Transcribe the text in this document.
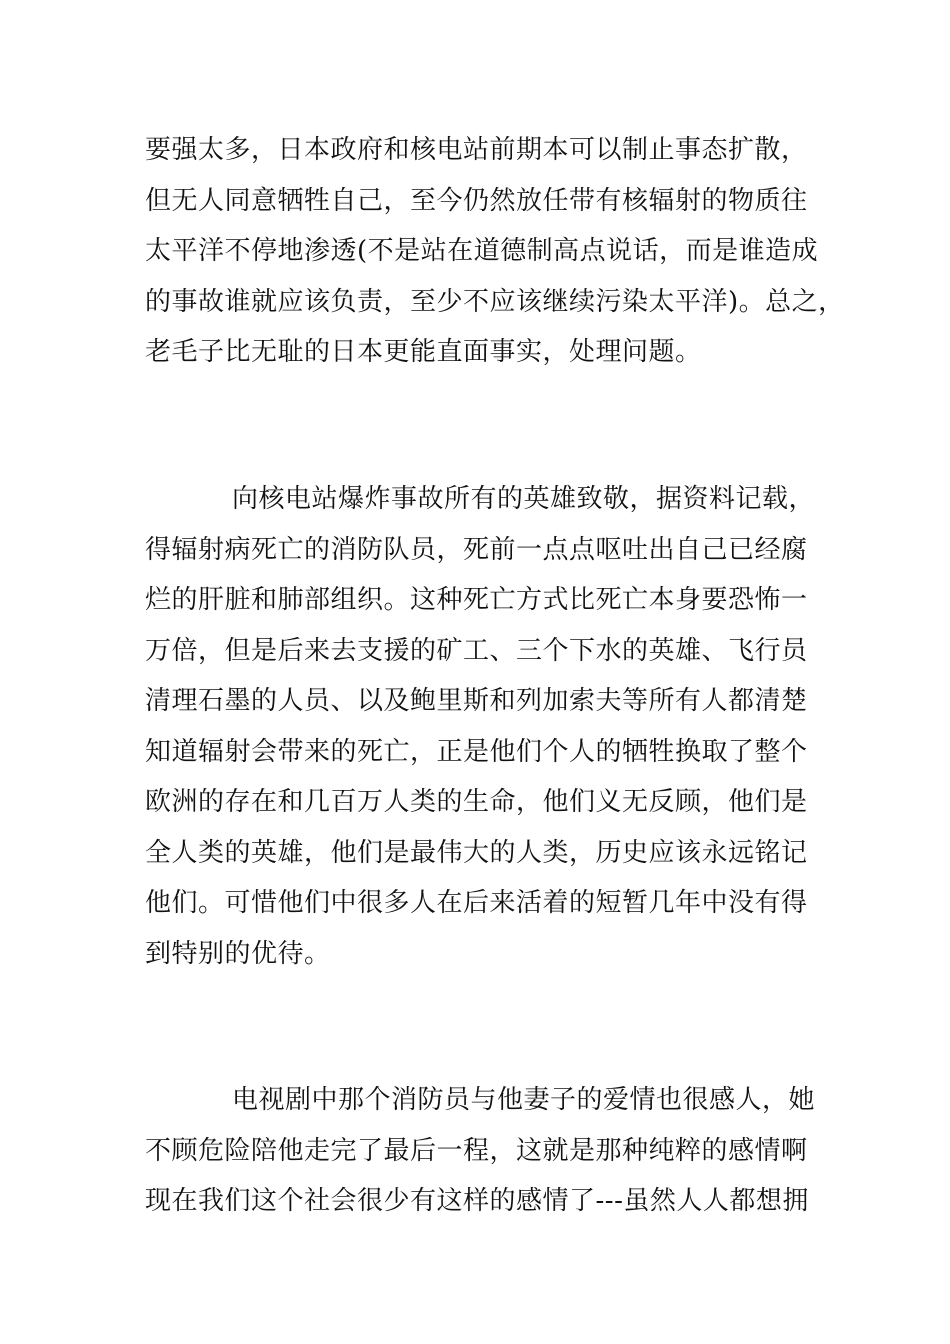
要强太多，日本政府和核电站前期本可以制止事态扩散，
但无人同意牺牲自己，至今仍然放任带有核辐射的物质往
太平洋不停地渗透(不是站在道德制高点说话，而是谁造成
的事故谁就应该负责，至少不应该继续污染太平洋)。总之，
老毛子比无耻的日本更能直面事实，处理问题。

向核电站爆炸事故所有的英雄致敬，据资料记载，
得辐射病死亡的消防队员，死前一点点呕吐出自己已经腐
烂的肝脏和肺部组织。这种死亡方式比死亡本身要恐怖一
万倍，但是后来去支援的矿工、三个下水的英雄、飞行员
清理石墨的人员、以及鲍里斯和列加索夫等所有人都清楚
知道辐射会带来的死亡，正是他们个人的牺牲换取了整个
欧洲的存在和几百万人类的生命，他们义无反顾，他们是
全人类的英雄，他们是最伟大的人类，历史应该永远铭记
他们。可惜他们中很多人在后来活着的短暂几年中没有得
到特别的优待。

电视剧中那个消防员与他妻子的爱情也很感人，她
不顾危险陪他走完了最后一程，这就是那种纯粹的感情啊
现在我们这个社会很少有这样的感情了---虽然人人都想拥
